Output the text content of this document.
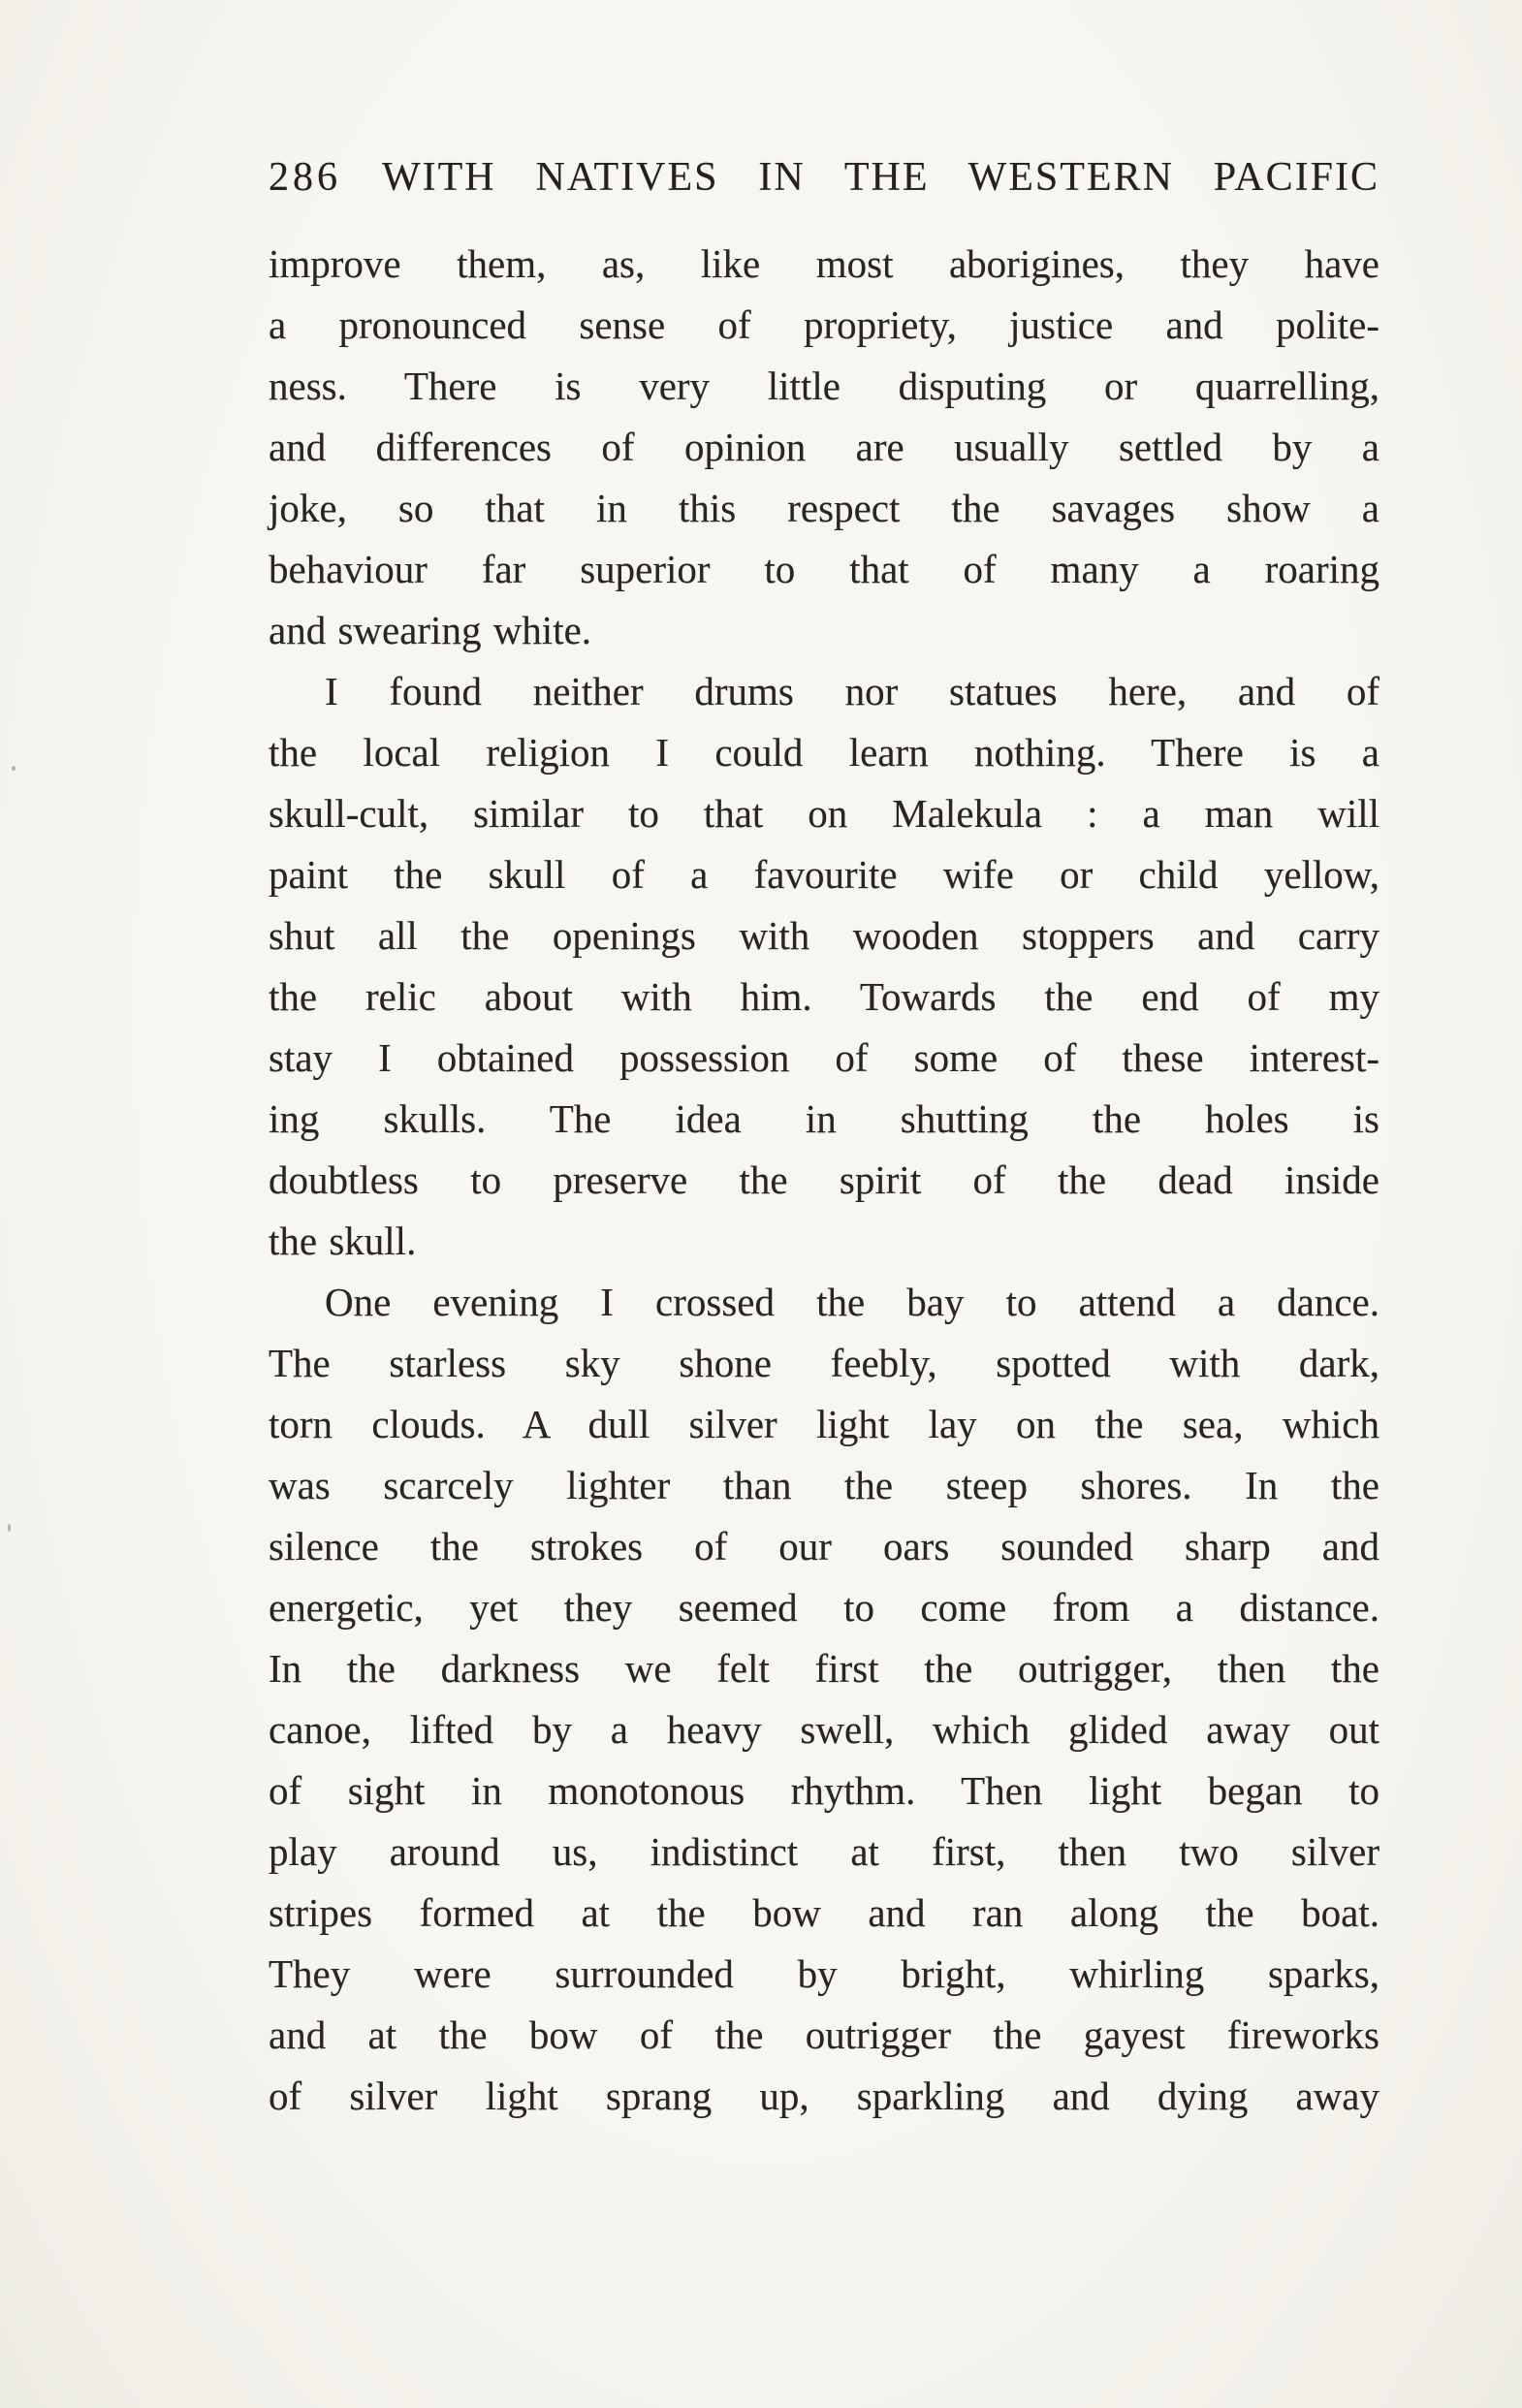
286 WITH NATIVES IN THE WESTERN PACIFIC

improve them, as, like most aborigines, they have
a pronounced sense of propriety, justice and polite-
ness. There is very little disputing or quarrelling,
and differences of opinion are usually settled by a
joke, so that in this respect the savages show a
behaviour far superior to that of many a roaring
and swearing white.

I found neither drums nor statues here, and of
the local religion I could learn nothing. There is a
skull-cult, similar to that on Malekula : a man will
paint the skull of a favourite wife or child yellow,
shut all the openings with wooden stoppers and carry
the relic about with him. Towards the end of my
stay I obtained possession of some of these interest-
ing skulls. The idea in shutting the holes is
doubtless to preserve the spirit of the dead inside
the skull.

One evening I crossed the bay to attend a dance.
The starless sky shone feebly, spotted with dark,
torn clouds. A dull silver light lay on the sea, which
was scarcely lighter than the steep shores. In the
silence the strokes of our oars sounded sharp and
energetic, yet they seemed to come from a distance.
In the darkness we felt first the outrigger, then the
canoe, lifted by a heavy swell, which glided away out
of sight in monotonous rhythm. Then light began to
play around us, indistinct at first, then two silver
stripes formed at the bow and ran along the boat.
They were surrounded by bright, whirling sparks,
and at the bow of the outrigger the gayest fireworks
of silver light sprang up, sparkling and dying away
